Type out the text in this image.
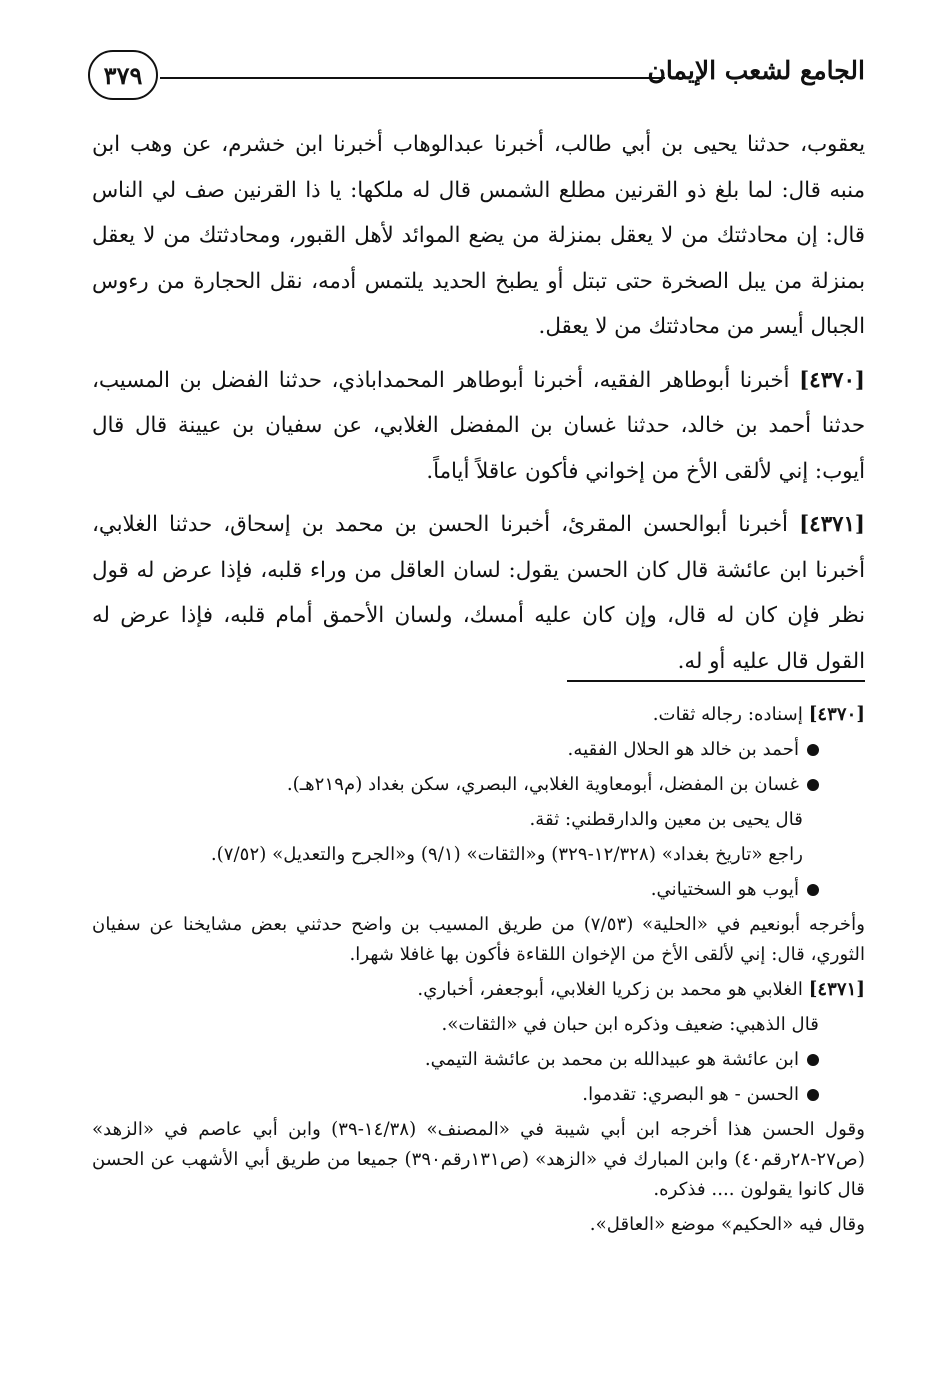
الجامع لشعب الإيمان
٣٧٩

يعقوب، حدثنا يحيى بن أبي طالب، أخبرنا عبدالوهاب أخبرنا ابن خشرم، عن وهب ابن منبه قال: لما بلغ ذو القرنين مطلع الشمس قال له ملكها: يا ذا القرنين صف لي الناس قال: إن محادثتك من لا يعقل بمنزلة من يضع الموائد لأهل القبور، ومحادثتك من لا يعقل بمنزلة من يبل الصخرة حتى تبتل أو يطبخ الحديد يلتمس أدمه، نقل الحجارة من رءوس الجبال أيسر من محادثتك من لا يعقل.

[٤٣٧٠] أخبرنا أبوطاهر الفقيه، أخبرنا أبوطاهر المحمداباذي، حدثنا الفضل بن المسيب، حدثنا أحمد بن خالد، حدثنا غسان بن المفضل الغلابي، عن سفيان بن عيينة قال قال أيوب: إني لألقى الأخ من إخواني فأكون عاقلاً أياماً.

[٤٣٧١] أخبرنا أبوالحسن المقرئ، أخبرنا الحسن بن محمد بن إسحاق، حدثنا الغلابي، أخبرنا ابن عائشة قال كان الحسن يقول: لسان العاقل من وراء قلبه، فإذا عرض له قول نظر فإن كان له قال، وإن كان عليه أمسك، ولسان الأحمق أمام قلبه، فإذا عرض له القول قال عليه أو له.

[٤٣٧٠] إسناده: رجاله ثقات.

أحمد بن خالد هو الحلال الفقيه.

غسان بن المفضل، أبومعاوية الغلابي، البصري، سكن بغداد (م٢١٩هـ).

قال يحيى بن معين والدارقطني: ثقة.

راجع «تاريخ بغداد» (١٢/٣٢٨-٣٢٩) و«الثقات» (٩/١) و«الجرح والتعديل» (٧/٥٢).

أيوب هو السختياني.

وأخرجه أبونعيم في «الحلية» (٧/٥٣) من طريق المسيب بن واضح حدثني بعض مشايخنا عن سفيان الثوري، قال: إني لألقى الأخ من الإخوان اللقاءة فأكون بها غافلا شهرا.

[٤٣٧١] الغلابي هو محمد بن زكريا الغلابي، أبوجعفر، أخباري.

قال الذهبي: ضعيف وذكره ابن حبان في «الثقات».

ابن عائشة هو عبيدالله بن محمد بن عائشة التيمي.

الحسن - هو البصري: تقدموا.

وقول الحسن هذا أخرجه ابن أبي شيبة في «المصنف» (١٤/٣٨-٣٩) وابن أبي عاصم في «الزهد» (ص٢٧-٢٨رقم٤٠) وابن المبارك في «الزهد» (ص١٣١رقم٣٩٠) جميعا من طريق أبي الأشهب عن الحسن قال كانوا يقولون .... فذكره.

وقال فيه «الحكيم» موضع «العاقل».
